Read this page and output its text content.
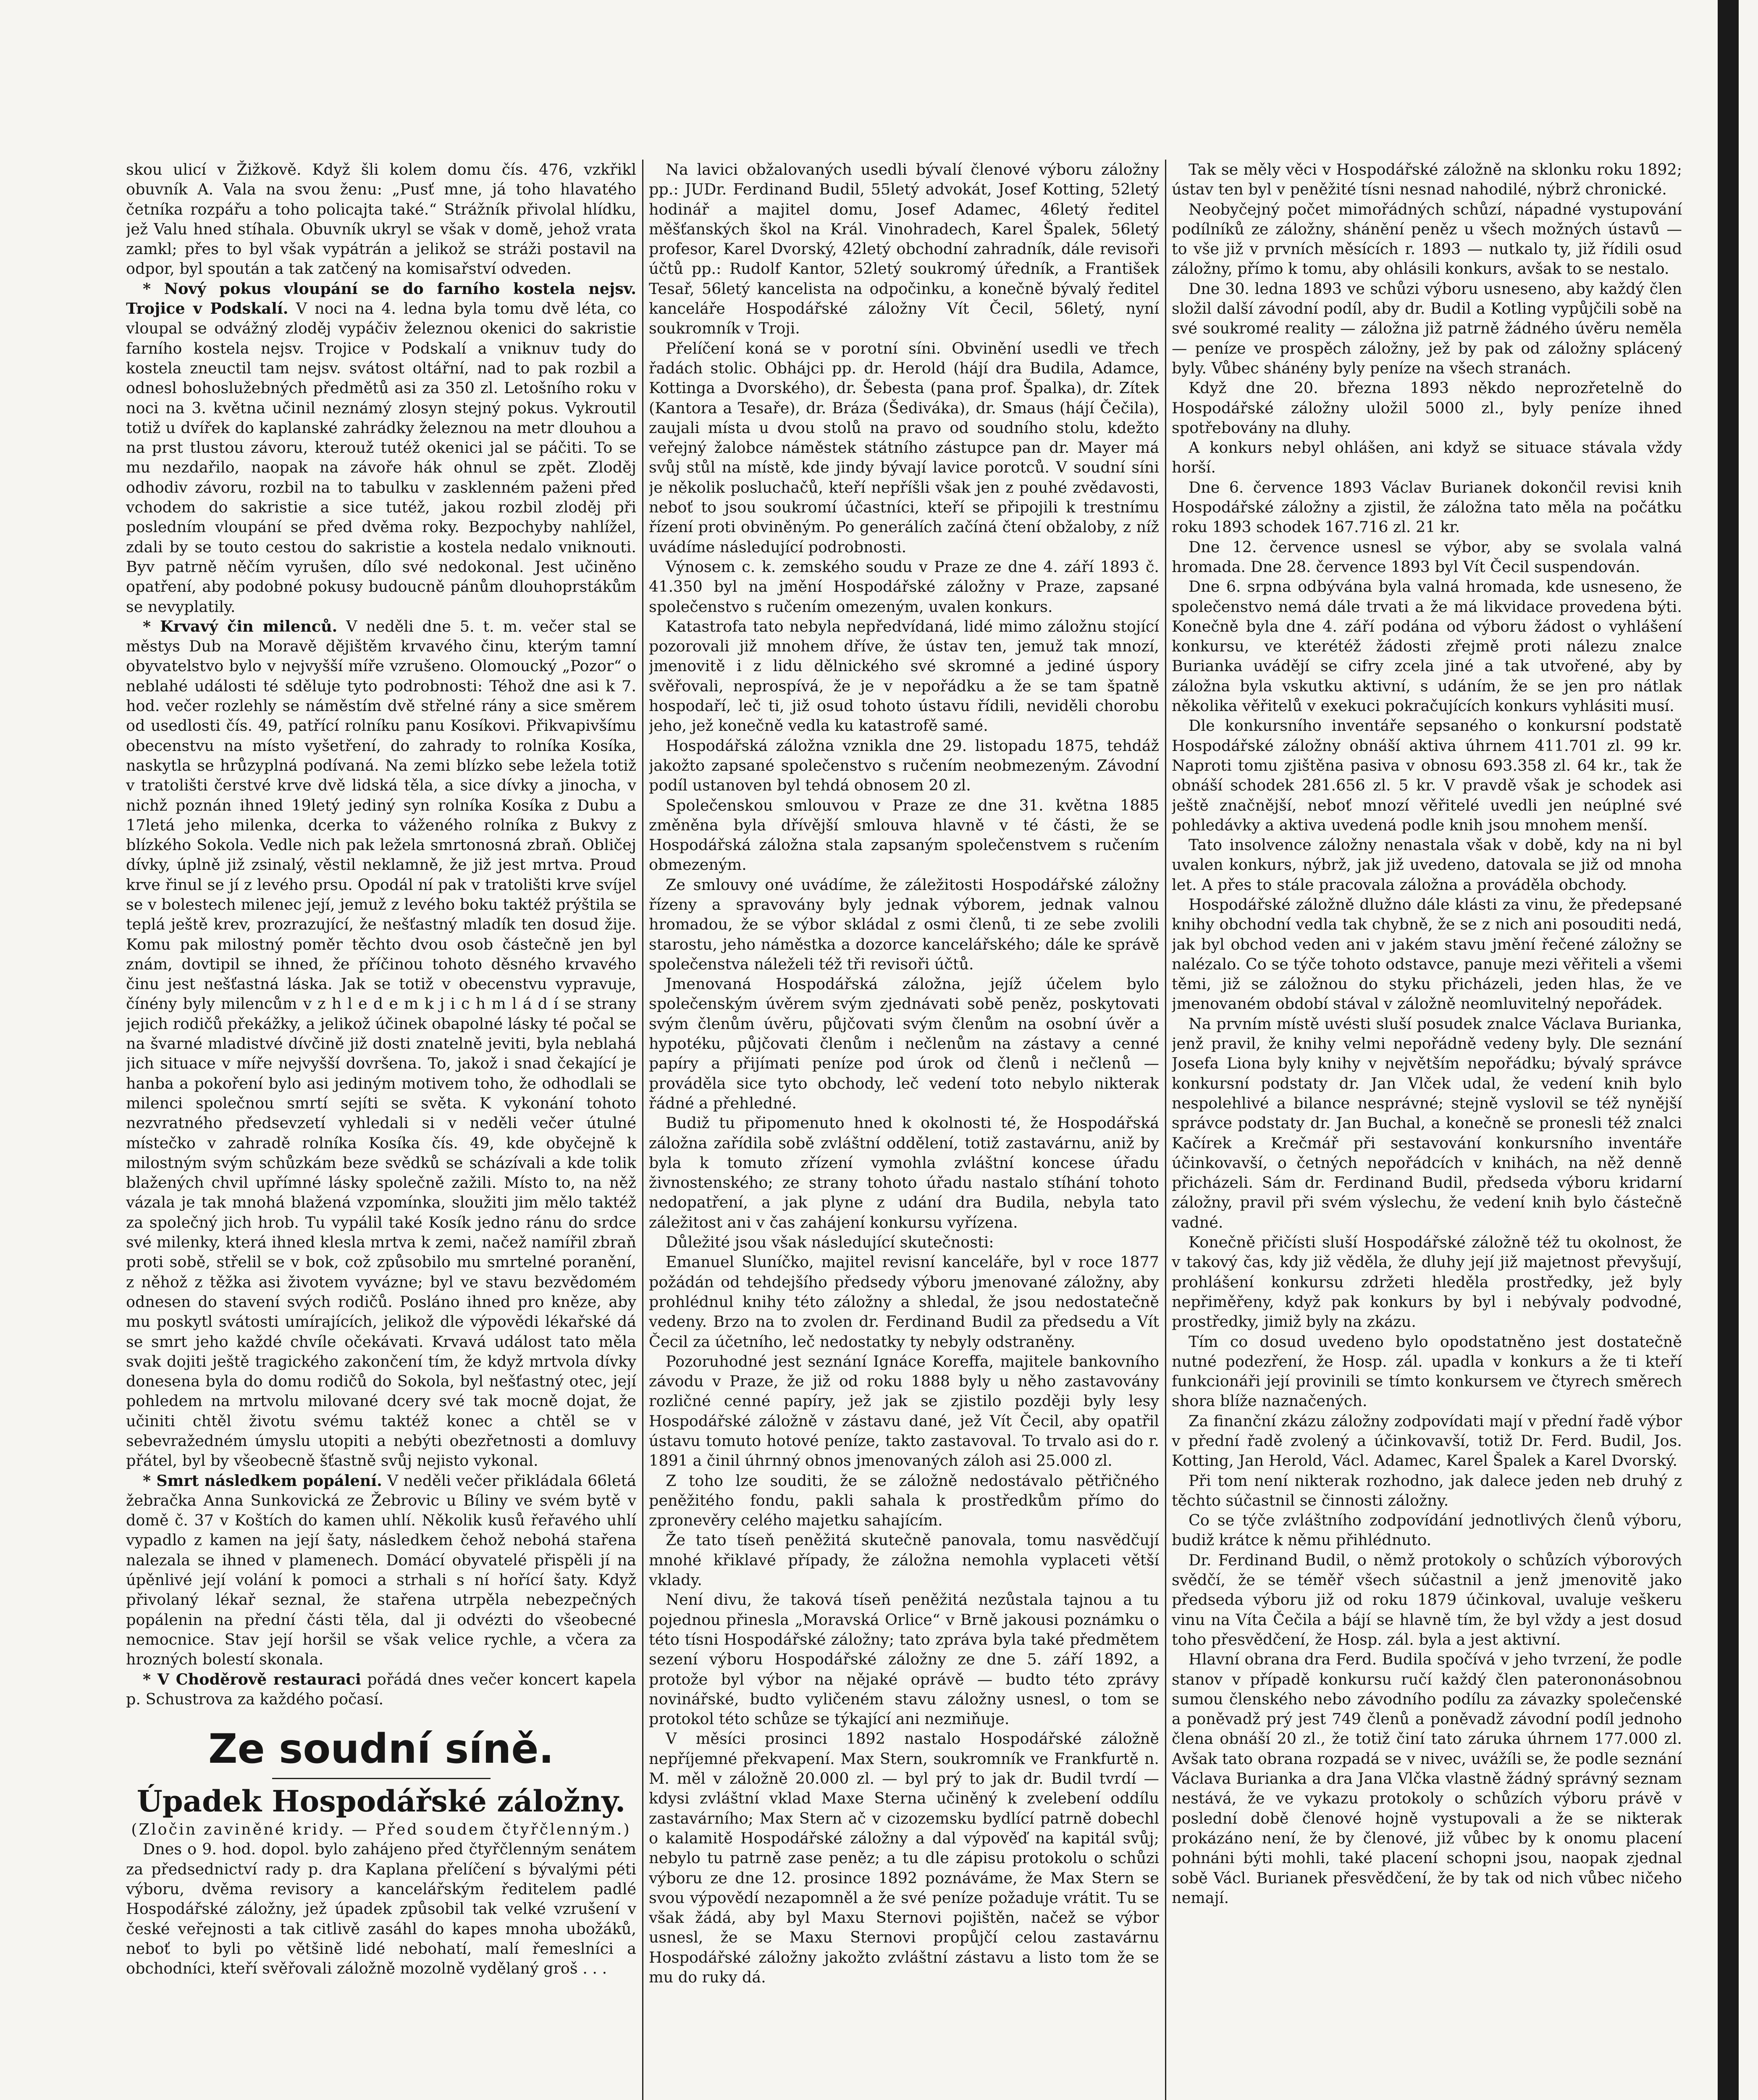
skou ulicí v Žižkově. Když šli kolem domu čís. 476, vzkřikl obuvník A. Vala na svou ženu: „Pusť mne, já toho hlavatého četníka rozpářu a toho policajta také.“ Strážník přivolal hlídku, jež Valu hned stíhala. Obuvník ukryl se však v domě, jehož vrata zamkl; přes to byl však vypátrán a jelikož se stráži postavil na odpor, byl spoután a tak zatčený na komisařství odveden.

* Nový pokus vloupání se do farního kostela nejsv. Trojice v Podskalí. V noci na 4. ledna byla tomu dvě léta, co vloupal se odvážný zloděj vypáčiv železnou okenici do sakristie farního kostela nejsv. Trojice v Podskalí a vniknuv tudy do kostela zneuctil tam nejsv. svátost oltářní, nad to pak rozbil a odnesl bohoslužebných předmětů asi za 350 zl. Letošního roku v noci na 3. května učinil neznámý zlosyn stejný pokus. Vykroutil totiž u dvířek do kaplanské zahrádky železnou na metr dlouhou a na prst tlustou závoru, kterouž tutéž okenici jal se páčiti. To se mu nezdařilo, naopak na závoře hák ohnul se zpět. Zloděj odhodiv závoru, rozbil na to tabulku v zasklenném paženi před vchodem do sakristie a sice tutéž, jakou rozbil zloděj při posledním vloupání se před dvěma roky. Bezpochyby nahlížel, zdali by se touto cestou do sakristie a kostela nedalo vniknouti. Byv patrně něčím vyrušen, dílo své nedokonal. Jest učiněno opatření, aby podobné pokusy budoucně pánům dlouhoprstákům se nevyplatily.

* Krvavý čin milenců. V neděli dne 5. t. m. večer stal se městys Dub na Moravě dějištěm krvavého činu, kterým tamní obyvatelstvo bylo v nejvyšší míře vzrušeno. Olomoucký „Pozor“ o neblahé události té sděluje tyto podrobnosti: Téhož dne asi k 7. hod. večer rozlehly se náměstím dvě střelné rány a sice směrem od usedlosti čís. 49, patřící rolníku panu Kosíkovi. Přikvapivšímu obecenstvu na místo vyšetření, do zahrady to rolníka Kosíka, naskytla se hrůzyplná podívaná. Na zemi blízko sebe ležela totiž v tratolišti čerstvé krve dvě lidská těla, a sice dívky a jinocha, v nichž poznán ihned 19letý jediný syn rolníka Kosíka z Dubu a 17letá jeho milenka, dcerka to váženého rolníka z Bukvy z blízkého Sokola. Vedle nich pak ležela smrtonosná zbraň. Obličej dívky, úplně již zsinalý, věstil neklamně, že již jest mrtva. Proud krve řinul se jí z levého prsu. Opodál ní pak v tratolišti krve svíjel se v bolestech milenec její, jemuž z levého boku taktéž prýštila se teplá ještě krev, prozrazující, že nešťastný mladík ten dosud žije. Komu pak milostný poměr těchto dvou osob částečně jen byl znám, dovtipil se ihned, že příčinou tohoto děsného krvavého činu jest nešťastná láska. Jak se totiž v obecenstvu vypravuje, čínény byly milencům v z h l e d e m k j i c h m l á d í se strany jejich rodičů překážky, a jelikož účinek obapolné lásky té počal se na švarné mladistvé dívčině již dosti znatelně jeviti, byla neblahá jich situace v míře nejvyšší dovršena. To, jakož i snad čekající je hanba a pokoření bylo asi jediným motivem toho, že odhodlali se milenci společnou smrtí sejíti se světa. K vykonání tohoto nezvratného předsevzetí vyhledali si v neděli večer útulné místečko v zahradě rolníka Kosíka čís. 49, kde obyčejně k milostným svým schůzkám beze svědků se scházívali a kde tolik blažených chvil upřímné lásky společně zažili. Místo to, na něž vázala je tak mnohá blažená vzpomínka, sloužiti jim mělo taktéž za společný jich hrob. Tu vypálil také Kosík jedno ránu do srdce své milenky, která ihned klesla mrtva k zemi, načež namířil zbraň proti sobě, střelil se v bok, což způsobilo mu smrtelné poranění, z něhož z těžka asi životem vyvázne; byl ve stavu bezvědomém odnesen do stavení svých rodičů. Posláno ihned pro kněze, aby mu poskytl svátosti umírajících, jelikož dle výpovědi lékařské dá se smrt jeho každé chvíle očekávati. Krvavá událost tato měla svak dojiti ještě tragického zakončení tím, že když mrtvola dívky donesena byla do domu rodičů do Sokola, byl nešťastný otec, její pohledem na mrtvolu milované dcery své tak mocně dojat, že učiniti chtěl životu svému taktéž konec a chtěl se v sebevražedném úmyslu utopiti a nebýti obezřetnosti a domluvy přátel, byl by všeobecně šťastně svůj nejisto vykonal.

* Smrt následkem popálení. V neděli večer přikládala 66letá žebračka Anna Sunkovická ze Žebrovic u Bíliny ve svém bytě v domě č. 37 v Koštích do kamen uhlí. Několik kusů řeřavého uhlí vypadlo z kamen na její šaty, následkem čehož nebohá stařena nalezala se ihned v plamenech. Domácí obyvatelé přispěli jí na úpěnlivé její volání k pomoci a strhali s ní hořící šaty. Když přivolaný lékař seznal, že stařena utrpěla nebezpečných popálenin na přední části těla, dal ji odvézti do všeobecné nemocnice. Stav její horšil se však velice rychle, a včera za hrozných bolestí skonala.

* V Choděrově restauraci pořádá dnes večer koncert kapela p. Schustrova za každého počasí.

Ze soudní síně.
Úpadek Hospodářské záložny.
(Zločin zaviněné kridy. — Před soudem čtyřčlenným.)

Dnes o 9. hod. dopol. bylo zahájeno před čtyřčlenným senátem za předsednictví rady p. dra Kaplana přelíčení s bývalými péti výboru, dvěma revisory a kancelářským ředitelem padlé Hospodářské záložny, jež úpadek způsobil tak velké vzrušení v české veřejnosti a tak citlivě zasáhl do kapes mnoha ubožáků, neboť to byli po většině lidé nebohatí, malí řemeslníci a obchodníci, kteří svěřovali záložně mozolně vydělaný groš . . .

Na lavici obžalovaných usedli bývalí členové výboru záložny pp.: JUDr. Ferdinand Budil, 55letý advokát, Josef Kotting, 52letý hodinář a majitel domu, Josef Adamec, 46letý ředitel měšťanských škol na Král. Vinohradech, Karel Špalek, 56letý profesor, Karel Dvorský, 42letý obchodní zahradník, dále revisoři účtů pp.: Rudolf Kantor, 52letý soukromý úředník, a František Tesař, 56letý kancelista na odpočinku, a konečně bývalý ředitel kanceláře Hospodářské záložny Vít Čecil, 56letý, nyní soukromník v Troji.

Přelíčení koná se v porotní síni. Obvinění usedli ve třech řadách stolic. Obhájci pp. dr. Herold (hájí dra Budila, Adamce, Kottinga a Dvorského), dr. Šebesta (pana prof. Špalka), dr. Zítek (Kantora a Tesaře), dr. Bráza (Šediváka), dr. Smaus (hájí Čečila), zaujali místa u dvou stolů na pravo od soudního stolu, kdežto veřejný žalobce náměstek státního zástupce pan dr. Mayer má svůj stůl na místě, kde jindy bývají lavice porotců. V soudní síni je několik posluchačů, kteří nepříšli však jen z pouhé zvědavosti, neboť to jsou soukromí účastníci, kteří se připojili k trestnímu řízení proti obviněným. Po generálích začíná čtení obžaloby, z níž uvádíme následující podrobnosti.

Výnosem c. k. zemského soudu v Praze ze dne 4. září 1893 č. 41.350 byl na jmění Hospodářské záložny v Praze, zapsané společenstvo s ručením omezeným, uvalen konkurs.

Katastrofa tato nebyla nepředvídaná, lidé mimo záložnu stojící pozorovali již mnohem dříve, že ústav ten, jemuž tak mnozí, jmenovitě i z lidu dělnického své skromné a jediné úspory svěřovali, neprospívá, že je v nepořádku a že se tam špatně hospodaří, leč ti, již osud tohoto ústavu řídili, neviděli chorobu jeho, jež konečně vedla ku katastrofě samé.

Hospodářská záložna vznikla dne 29. listopadu 1875, tehdáž jakožto zapsané společenstvo s ručením neobmezeným. Závodní podíl ustanoven byl tehdá obnosem 20 zl.

Společenskou smlouvou v Praze ze dne 31. května 1885 změněna byla dřívější smlouva hlavně v té části, že se Hospodářská záložna stala zapsaným společenstvem s ručením obmezeným.

Ze smlouvy oné uvádíme, že záležitosti Hospodářské záložny řízeny a spravovány byly jednak výborem, jednak valnou hromadou, že se výbor skládal z osmi členů, ti ze sebe zvolili starostu, jeho náměstka a dozorce kancelářského; dále ke správě společenstva náleželi též tři revisoři účtů.

Jmenovaná Hospodářská záložna, jejíž účelem bylo společenským úvěrem svým zjednávati sobě peněz, poskytovati svým členům úvěru, půjčovati svým členům na osobní úvěr a hypotéku, půjčovati členům i nečlenům na zástavy a cenné papíry a přijímati peníze pod úrok od členů i nečlenů — prováděla sice tyto obchody, leč vedení toto nebylo nikterak řádné a přehledné.

Budiž tu připomenuto hned k okolnosti té, že Hospodářská záložna zařídila sobě zvláštní oddělení, totiž zastavárnu, aniž by byla k tomuto zřízení vymohla zvláštní koncese úřadu živnostenského; ze strany tohoto úřadu nastalo stíhání tohoto nedopatření, a jak plyne z udání dra Budila, nebyla tato záležitost ani v čas zahájení konkursu vyřízena.

Důležité jsou však následující skutečnosti:

Emanuel Sluníčko, majitel revisní kanceláře, byl v roce 1877 požádán od tehdejšího předsedy výboru jmenované záložny, aby prohlédnul knihy této záložny a shledal, že jsou nedostatečně vedeny. Brzo na to zvolen dr. Ferdinand Budil za předsedu a Vít Čecil za účetního, leč nedostatky ty nebyly odstraněny.

Pozoruhodné jest seznání Ignáce Koreffa, majitele bankovního závodu v Praze, že již od roku 1888 byly u něho zastavovány rozličné cenné papíry, jež jak se zjistilo později byly lesy Hospodářské záložně v zástavu dané, jež Vít Čecil, aby opatřil ústavu tomuto hotové peníze, takto zastavoval. To trvalo asi do r. 1891 a činil úhrnný obnos jmenovaných záloh asi 25.000 zl.

Z toho lze souditi, že se záložně nedostávalo pětřičného peněžitého fondu, pakli sahala k prostředkům přímo do zpronevěry celého majetku sahajícím.

Že tato tíseň peněžitá skutečně panovala, tomu nasvědčují mnohé křiklavé případy, že záložna nemohla vyplaceti větší vklady.

Není divu, že taková tíseň peněžitá nezůstala tajnou a tu pojednou přinesla „Moravská Orlice“ v Brně jakousi poznámku o této tísni Hospodářské záložny; tato zpráva byla také předmětem sezení výboru Hospodářské záložny ze dne 5. září 1892, a protože byl výbor na nějaké oprávě — budto této zprávy novinářské, budto vyličeném stavu záložny usnesl, o tom se protokol této schůze se týkající ani nezmiňuje.

V měsíci prosinci 1892 nastalo Hospodářské záložně nepříjemné překvapení. Max Stern, soukromník ve Frankfurtě n. M. měl v záložně 20.000 zl. — byl prý to jak dr. Budil tvrdí — kdysi zvláštní vklad Maxe Sterna učiněný k zvelebení oddílu zastavárního; Max Stern ač v cizozemsku bydlící patrně dobechl o kalamitě Hospodářské záložny a dal výpověď na kapitál svůj; nebylo tu patrně zase peněz; a tu dle zápisu protokolu o schůzi výboru ze dne 12. prosince 1892 poznáváme, že Max Stern se svou výpovědí nezapomněl a že své peníze požaduje vrátit. Tu se však žádá, aby byl Maxu Sternovi pojištěn, načež se výbor usnesl, že se Maxu Sternovi propůjčí celou zastavárnu Hospodářské záložny jakožto zvláštní zástavu a listo tom že se mu do ruky dá.

Tak se měly věci v Hospodářské záložně na sklonku roku 1892; ústav ten byl v peněžité tísni nesnad nahodilé, nýbrž chronické.

Neobyčejný počet mimořádných schůzí, nápadné vystupování podílníků ze záložny, shánění peněz u všech možných ústavů — to vše již v prvních měsících r. 1893 — nutkalo ty, již řídili osud záložny, přímo k tomu, aby ohlásili konkurs, avšak to se nestalo.

Dne 30. ledna 1893 ve schůzi výboru usneseno, aby každý člen složil další závodní podíl, aby dr. Budil a Kotling vypůjčili sobě na své soukromé reality — záložna již patrně žádného úvěru neměla — peníze ve prospěch záložny, jež by pak od záložny splácený byly. Vůbec shánény byly peníze na všech stranách.

Když dne 20. března 1893 někdo neprozřetelně do Hospodářské záložny uložil 5000 zl., byly peníze ihned spotřebovány na dluhy.

A konkurs nebyl ohlášen, ani když se situace stávala vždy horší.

Dne 6. července 1893 Václav Burianek dokončil revisi knih Hospodářské záložny a zjistil, že záložna tato měla na počátku roku 1893 schodek 167.716 zl. 21 kr.

Dne 12. července usnesl se výbor, aby se svolala valná hromada. Dne 28. července 1893 byl Vít Čecil suspendován.

Dne 6. srpna odbývána byla valná hromada, kde usneseno, že společenstvo nemá dále trvati a že má likvidace provedena býti. Konečně byla dne 4. září podána od výboru žádost o vyhlášení konkursu, ve kterétéž žádosti zřejmě proti nálezu znalce Burianka uvádějí se cifry zcela jiné a tak utvořené, aby by záložna byla vskutku aktivní, s udáním, že se jen pro nátlak několika věřitelů v exekuci pokračujících konkurs vyhlásiti musí.

Dle konkursního inventáře sepsaného o konkursní podstatě Hospodářské záložny obnáší aktiva úhrnem 411.701 zl. 99 kr. Naproti tomu zjištěna pasiva v obnosu 693.358 zl. 64 kr., tak že obnáší schodek 281.656 zl. 5 kr. V pravdě však je schodek asi ještě značnější, neboť mnozí věřitelé uvedli jen neúplné své pohledávky a aktiva uvedená podle knih jsou mnohem menší.

Tato insolvence záložny nenastala však v době, kdy na ni byl uvalen konkurs, nýbrž, jak již uvedeno, datovala se již od mnoha let. A přes to stále pracovala záložna a prováděla obchody.

Hospodářské záložně dlužno dále klásti za vinu, že předepsané knihy obchodní vedla tak chybně, že se z nich ani posouditi nedá, jak byl obchod veden ani v jakém stavu jmění řečené záložny se nalézalo. Co se týče tohoto odstavce, panuje mezi věřiteli a všemi těmi, již se záložnou do styku přicházeli, jeden hlas, že ve jmenovaném období stával v záložně neomluvitelný nepořádek.

Na prvním místě uvésti sluší posudek znalce Václava Burianka, jenž pravil, že knihy velmi nepořádně vedeny byly. Dle seznání Josefa Liona byly knihy v největším nepořádku; bývalý správce konkursní podstaty dr. Jan Vlček udal, že vedení knih bylo nespolehlivé a bilance nesprávné; stejně vyslovil se též nynější správce podstaty dr. Jan Buchal, a konečně se pronesli též znalci Kačírek a Krečmář při sestavování konkursního inventáře účinkovavší, o četných nepořádcích v knihách, na něž denně přicházeli. Sám dr. Ferdinand Budil, předseda výboru kridarní záložny, pravil při svém výslechu, že vedení knih bylo částečně vadné.

Konečně přičísti sluší Hospodářské záložně též tu okolnost, že v takový čas, kdy již věděla, že dluhy její již majetnost převyšují, prohlášení konkursu zdržeti hleděla prostředky, jež byly nepřiměřeny, když pak konkurs by byl i nebývaly podvodné, prostředky, jimiž byly na zkázu.

Tím co dosud uvedeno bylo opodstatněno jest dostatečně nutné podezření, že Hosp. zál. upadla v konkurs a že ti kteří funkcionáři její provinili se tímto konkursem ve čtyrech směrech shora blíže naznačených.

Za finanční zkázu záložny zodpovídati mají v přední řadě výbor v přední řadě zvolený a účinkovavší, totiž Dr. Ferd. Budil, Jos. Kotting, Jan Herold, Václ. Adamec, Karel Špalek a Karel Dvorský.

Při tom není nikterak rozhodno, jak dalece jeden neb druhý z těchto súčastnil se činnosti záložny.

Co se týče zvláštního zodpovídání jednotlivých členů výboru, budiž krátce k němu přihlédnuto.

Dr. Ferdinand Budil, o němž protokoly o schůzích výborových svědčí, že se téměř všech súčastnil a jenž jmenovitě jako předseda výboru již od roku 1879 účinkoval, uvaluje veškeru vinu na Víta Čečila a bájí se hlavně tím, že byl vždy a jest dosud toho přesvědčení, že Hosp. zál. byla a jest aktivní.

Hlavní obrana dra Ferd. Budila spočívá v jeho tvrzení, že podle stanov v případě konkursu ručí každý člen paterononásobnou sumou členského nebo závodního podílu za závazky společenské a poněvadž prý jest 749 členů a poněvadž závodní podíl jednoho člena obnáší 20 zl., že totiž činí tato záruka úhrnem 177.000 zl. Avšak tato obrana rozpadá se v nivec, uvážíli se, že podle seznání Václava Burianka a dra Jana Vlčka vlastně žádný správný seznam nestává, že ve vykazu protokoly o schůzích výboru právě v poslední době členové hojně vystupovali a že se nikterak prokázáno není, že by členové, již vůbec by k onomu placení pohnáni býti mohli, také placení schopni jsou, naopak zjednal sobě Václ. Burianek přesvědčení, že by tak od nich vůbec ničeho nemají.
